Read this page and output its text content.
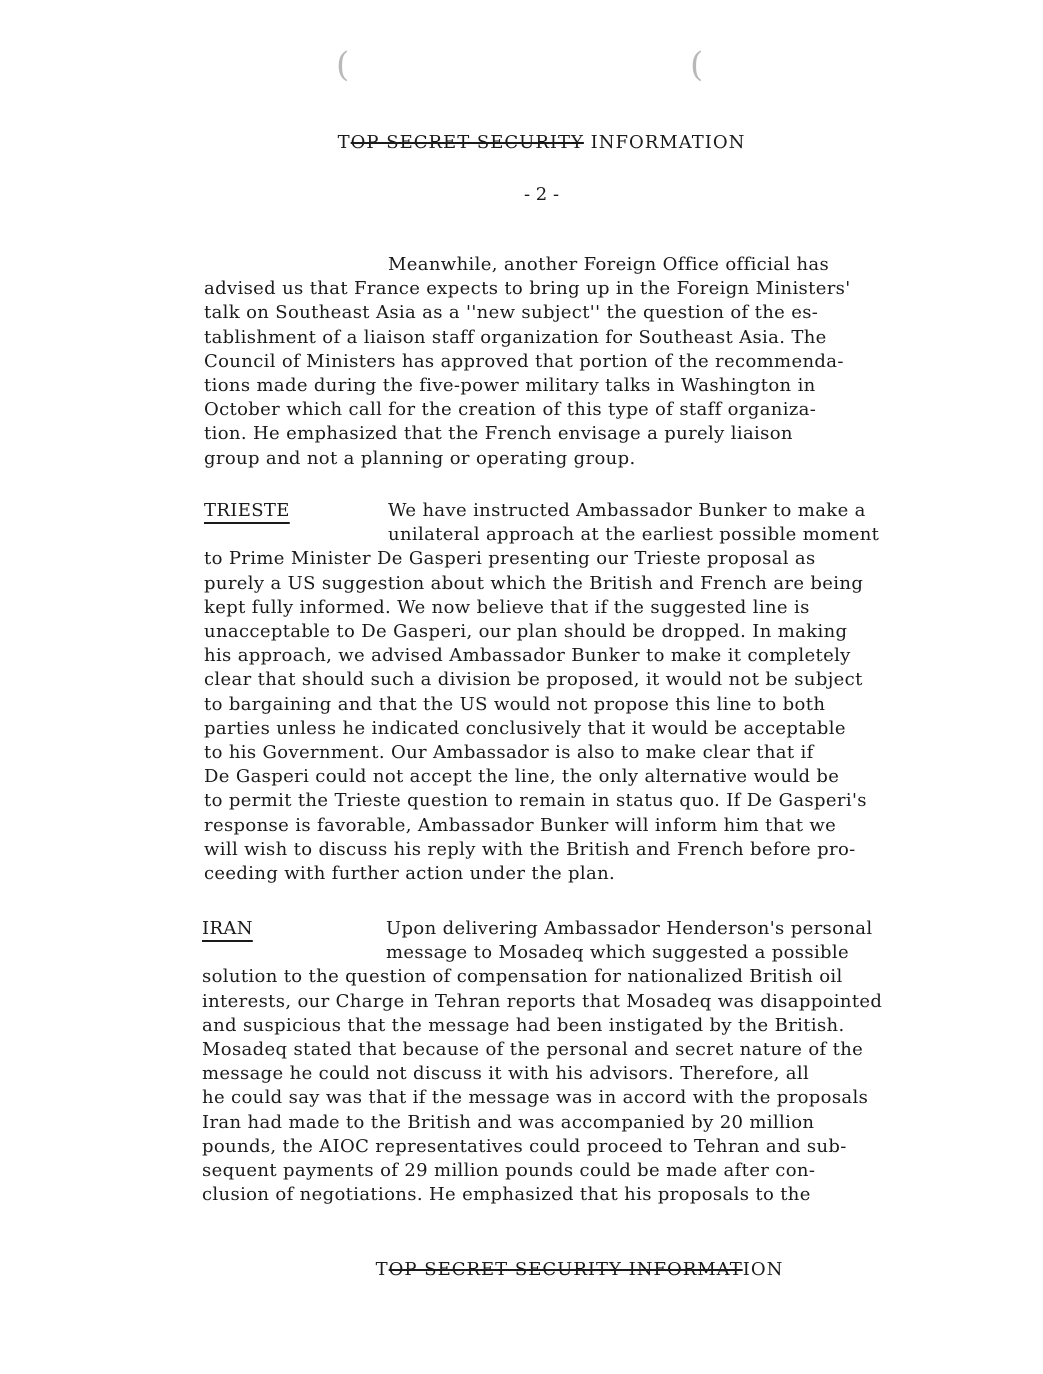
(	(
TOP SECRET SECURITY INFORMATION
- 2 -
Meanwhile, another Foreign Office official has
advised us that France expects to bring up in the Foreign Ministers'
talk on Southeast Asia as a ''new subject'' the question of the es-
tablishment of a liaison staff organization for Southeast Asia. The
Council of Ministers has approved that portion of the recommenda-
tions made during the five-power military talks in Washington in
October which call for the creation of this type of staff organiza-
tion. He emphasized that the French envisage a purely liaison
group and not a planning or operating group.
TRIESTE	We have instructed Ambassador Bunker to make a
unilateral approach at the earliest possible moment
to Prime Minister De Gasperi presenting our Trieste proposal as
purely a US suggestion about which the British and French are being
kept fully informed. We now believe that if the suggested line is
unacceptable to De Gasperi, our plan should be dropped. In making
his approach, we advised Ambassador Bunker to make it completely
clear that should such a division be proposed, it would not be subject
to bargaining and that the US would not propose this line to both
parties unless he indicated conclusively that it would be acceptable
to his Government. Our Ambassador is also to make clear that if
De Gasperi could not accept the line, the only alternative would be
to permit the Trieste question to remain in status quo. If De Gasperi's
response is favorable, Ambassador Bunker will inform him that we
will wish to discuss his reply with the British and French before pro-
ceeding with further action under the plan.
IRAN	Upon delivering Ambassador Henderson's personal
message to Mosadeq which suggested a possible
solution to the question of compensation for nationalized British oil
interests, our Charge in Tehran reports that Mosadeq was disappointed
and suspicious that the message had been instigated by the British.
Mosadeq stated that because of the personal and secret nature of the
message he could not discuss it with his advisors. Therefore, all
he could say was that if the message was in accord with the proposals
Iran had made to the British and was accompanied by 20 million
pounds, the AIOC representatives could proceed to Tehran and sub-
sequent payments of 29 million pounds could be made after con-
clusion of negotiations. He emphasized that his proposals to the
TOP SECRET SECURITY INFORMATION
